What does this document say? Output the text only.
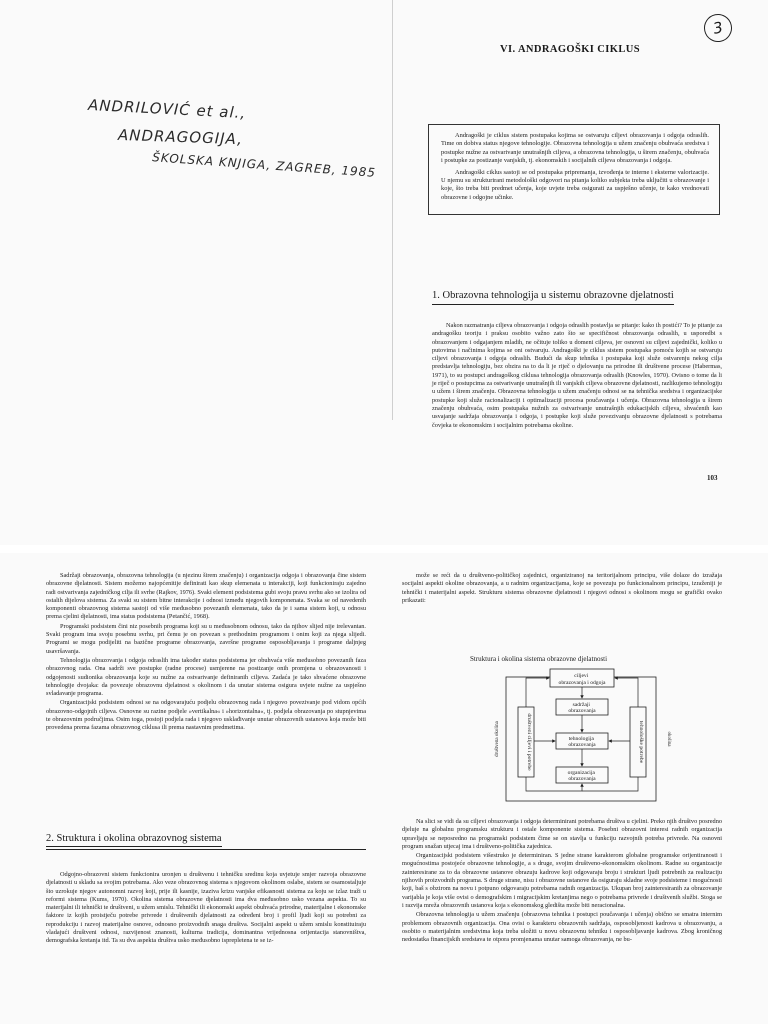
3
VI. ANDRAGOŠKI CIKLUS
ANDRILOVIĆ et al.,
ANDRAGOGIJA,
ŠKOLSKA KNJIGA, ZAGREB, 1985

Andragoški je ciklus sistem postupaka kojima se ostvaruju ciljevi obrazovanja i odgoja odraslih. Time on dobiva status njegove tehnologije. Obrazovna tehnologija u užem značenju obuhvaća sredstva i postupke nužne za ostvarivanje unutrašnjih ciljeva, a obrazovna tehnologija, u širem značenju, obuhvaća i postupke za postizanje vanjskih, tj. ekonomskih i socijalnih ciljeva obrazovanja i odgoja.

Andragoški ciklus sastoji se od postupaka pripremanja, izvođenja te interne i eksterne valorizacije. U njemu su strukturirani metodološki odgovori na pitanja koliko subjekta treba uključiti u obrazovanje i koje, što treba biti predmet učenja, koje uvjete treba osigurati za uspješno učenje, te kako vrednovati obrazovne i odgojne učinke.

1. Obrazovna tehnologija u sistemu obrazovne djelatnosti

Nakon razmatranja ciljeva obrazovanja i odgoja odraslih postavlja se pitanje: kako ih postići? To je pitanje za andragošku teoriju i praksu osobito važno zato što se specifičnost obrazovanja odraslih, u usporedbi s obrazovanjem i odgajanjem mladih, ne očituje toliko u domeni ciljeva, jer osnovni su ciljevi zajednički, koliko u putovima i načinima kojima se oni ostvaruju. Andragoški je ciklus sistem postupaka pomoću kojih se ostvaruju ciljevi obrazovanja i odgoja odraslih. Budući da skup tehnika i postupaka koji služe ostvarenju nekog cilja predstavlja tehnologiju, bez obzira na to da li je riječ o djelovanju na prirodne ili društvene procese (Habermas, 1971), to su postupci andragoškog ciklusa tehnologija obrazovanja odraslih (Knowles, 1970). Ovisno o tome da li je riječ o postupcima za ostvarivanje unutrašnjih ili vanjskih ciljeva obrazovne djelatnosti, razlikujemo tehnologiju u užem i širem značenju. Obrazovna tehnologija u užem značenju odnosi se na tehnička sredstva i organizacijske postupke koji služe racionalizaciji i optimalizaciji procesa poučavanja i učenja. Obrazovna tehnologija u širem značenju obuhvaća, osim postupaka nužnih za ostvarivanje unutrašnjih edukacijskih ciljeva, shvaćenih kao usvajanje sadržaja obrazovanja i odgoja, i postupke koji služe povezivanju obrazovne djelatnosti s potrebama čovjeka te ekonomskim i socijalnim potrebama okoline.

103

Sadržaji obrazovanja, obrazovna tehnologija (u njezinu širem značenju) i organizacija odgoja i obrazovanja čine sistem obrazovne djelatnosti. Sistem možemo najopćenitije definirati kao skup elemenata u interakciji, koji funkcioniraju zajedno radi ostvarivanja zajedničkog cilja ili svrhe (Rajkov, 1976). Svaki element podsistema gubi svoju pravu svrhu ako se izolira od ostalih dijelova sistema. Za svaki su sistem bitne interakcije i odnosi između njegovih komponenata. Svaka se od navedenih komponenti obrazovnog sistema sastoji od više međusobno povezanih elemenata, tako da je i sama sistem koji, u odnosu prema cjelini djelatnosti, ima status podsistema (Petančić, 1968).

Programski podsistem čini niz posebnih programa koji su u međusobnom odnosu, tako da njihov slijed nije irelevantan. Svaki program ima svoju posebnu svrhu, pri čemu je on povezan s prethodnim programom i onim koji za njega slijedi. Programi se mogu podijeliti na bazične programe obrazovanja, završne programe osposobljavanja i programe daljnjeg usavršavanja.

Tehnologija obrazovanja i odgoja odraslih ima također status podsistema jer obuhvaća više međusobno povezanih faza obrazovnog rada. Ona sadrži sve postupke (radne procese) usmjerene na postizanje onih promjena u obrazovanosti i odgojenosti sudionika obrazovanja koje su nužne za ostvarivanje definiranih ciljeva. Zadaća je tako shvaćene obrazovne tehnologije dvojaka: da povezuje obrazovnu djelatnost s okolinom i da unutar sistema osigura uvjete nužne za uspješno svladavanje programa.

Organizacijski podsistem odnosi se na odgovarajuću podjelu obrazovnog rada i njegovo povezivanje pod vidom općih obrazovno-odgojnih ciljeva. Osnovne su razine podjele »vertikalna« i »horizontalna«, tj. podjela obrazovanja po stupnjevima te obrazovnim područjima. Osim toga, postoji podjela rada i njegovo usklađivanje unutar obrazovnih ustanova koja može biti provedena prema fazama obrazovnog ciklusa ili prema nastavnim predmetima.

2. Struktura i okolina obrazovnog sistema

Odgojno-obrazovni sistem funkcionira uronjen u društvenu i tehničku sredinu koja uvjetuje smjer razvoja obrazovne djelatnosti u skladu sa svojim potrebama. Ako veze obrazovnog sistema s njegovom okolinom oslabe, sistem se osamostaljuje što uzrokuje njegov autonomni razvoj koji, prije ili kasnije, izaziva krizu vanjske efikasnosti sistema za koju se izlaz traži u reformi sistema (Kums, 1970). Okolina sistema obrazovne djelatnosti ima dva međusobno usko vezana aspekta. To su materijalni ili tehnički te društveni, u užem smislu. Tehnički ili ekonomski aspekt obuhvaća prirodne, materijalne i ekonomske faktore iz kojih proistječu potrebe privrede i društvenih djelatnosti za određeni broj i profil ljudi koji su potrebni za reprodukciju i razvoj materijalne osnove, odnosno proizvodnih snaga društva. Socijalni aspekt u užem smislu konstituiraju vladajući društveni odnosi, razvijenost znanosti, kulturna tradicija, dominantna vrijednosna orijentacija stanovništva, demografska kretanja itd. Ta su dva aspekta društva usko međusobno isprepletena te se iz-

može se reći da u društveno-političkoj zajednici, organiziranoj na teritorijalnom principu, više dolaze do izražaja socijalni aspekti okoline obrazovanja, a u radnim organizacijama, koje se povezuju po funkcionalnom principu, izraženiji je tehnički i materijalni aspekt. Strukturu sistema obrazovne djelatnosti i njegovi odnosi s okolinom mogu se grafički ovako prikazati:

Struktura i okolina sistema obrazovne djelatnosti
ciljevi obrazovanja i odgoja
sadržaji obrazovanja
tehnologija obrazovanja
organizacija obrazovanja
društveni ciljevi i potrebe	tehnološke potrebe
društvena okolina	okolina

Na slici se vidi da su ciljevi obrazovanja i odgoja determinirani potrebama društva u cjelini. Preko njih društvo posredno djeluje na globalnu programsku strukturu i ostale komponente sistema. Posebni obrazovni interesi radnih organizacija upravljaju se neposredno na programski podsistem čime se on stavlja u funkciju razvojnih potreba privrede. Na osnovni program snažan utjecaj ima i društveno-politička zajednica.

Organizacijski podsistem višestruko je determiniran. S jedne strane karakterom globalne programske orijentiranosti i mogućnostima postojeće obrazovne tehnologije, a s druge, svojim društveno-ekonomskim okolinom. Radne su organizacije zainteresirane za to da obrazovne ustanove obrazuju kadrove koji odgovaraju broju i strukturi ljudi potrebnih za realizaciju njihovih proizvodnih programa. S druge strane, nisu i obrazovne ustanove da osiguraju skladne svoje podsisteme i mogućnosti koji, baš s obzirom na novu i potpuno odgovaraju potrebama radnih organizacija. Ukupan broj zainteresiranih za obrazovanje varijabla je koja više ovisi o demografskim i migracijskim kretanjima nego o potrebama privrede i društvenih službi. Stoga se i razvija mreža obrazovnih ustanova koja s ekonomskog gledišta može biti neracionalna.

Obrazovna tehnologija u užem značenju (obrazovna tehnika i postupci poučavanja i učenja) obično se smatra internim problemom obrazovnih organizacija. Ona ovisi o karakteru obrazovnih sadržaja, osposobljenosti kadrova u obrazovanju, a osobito o materijalnim sredstvima koja treba uložiti u novu obrazovnu tehniku i osposobljavanje kadrova. Zbog kroničnog nedostatka financijskih sredstava te otpora promjenama unutar samoga obrazovanja, ne bu-
